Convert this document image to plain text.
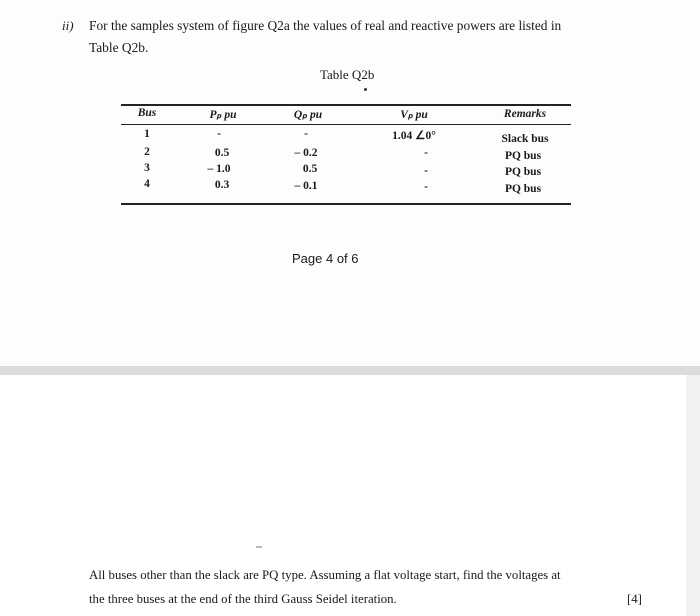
ii) For the samples system of figure Q2a the values of real and reactive powers are listed in
Table Q2b.
Table Q2b
Bus	Pₚ pu	Qₚ pu	Vₚ pu	Remarks
1	-	-	1.04 ∠0°	Slack bus
2	0.5	– 0.2	-	PQ bus
3	– 1.0	0.5	-	PQ bus
4	0.3	– 0.1	-	PQ bus
Page 4 of 6
All buses other than the slack are PQ type. Assuming a flat voltage start, find the voltages at
the three buses at the end of the third Gauss Seidel iteration.	[4]
